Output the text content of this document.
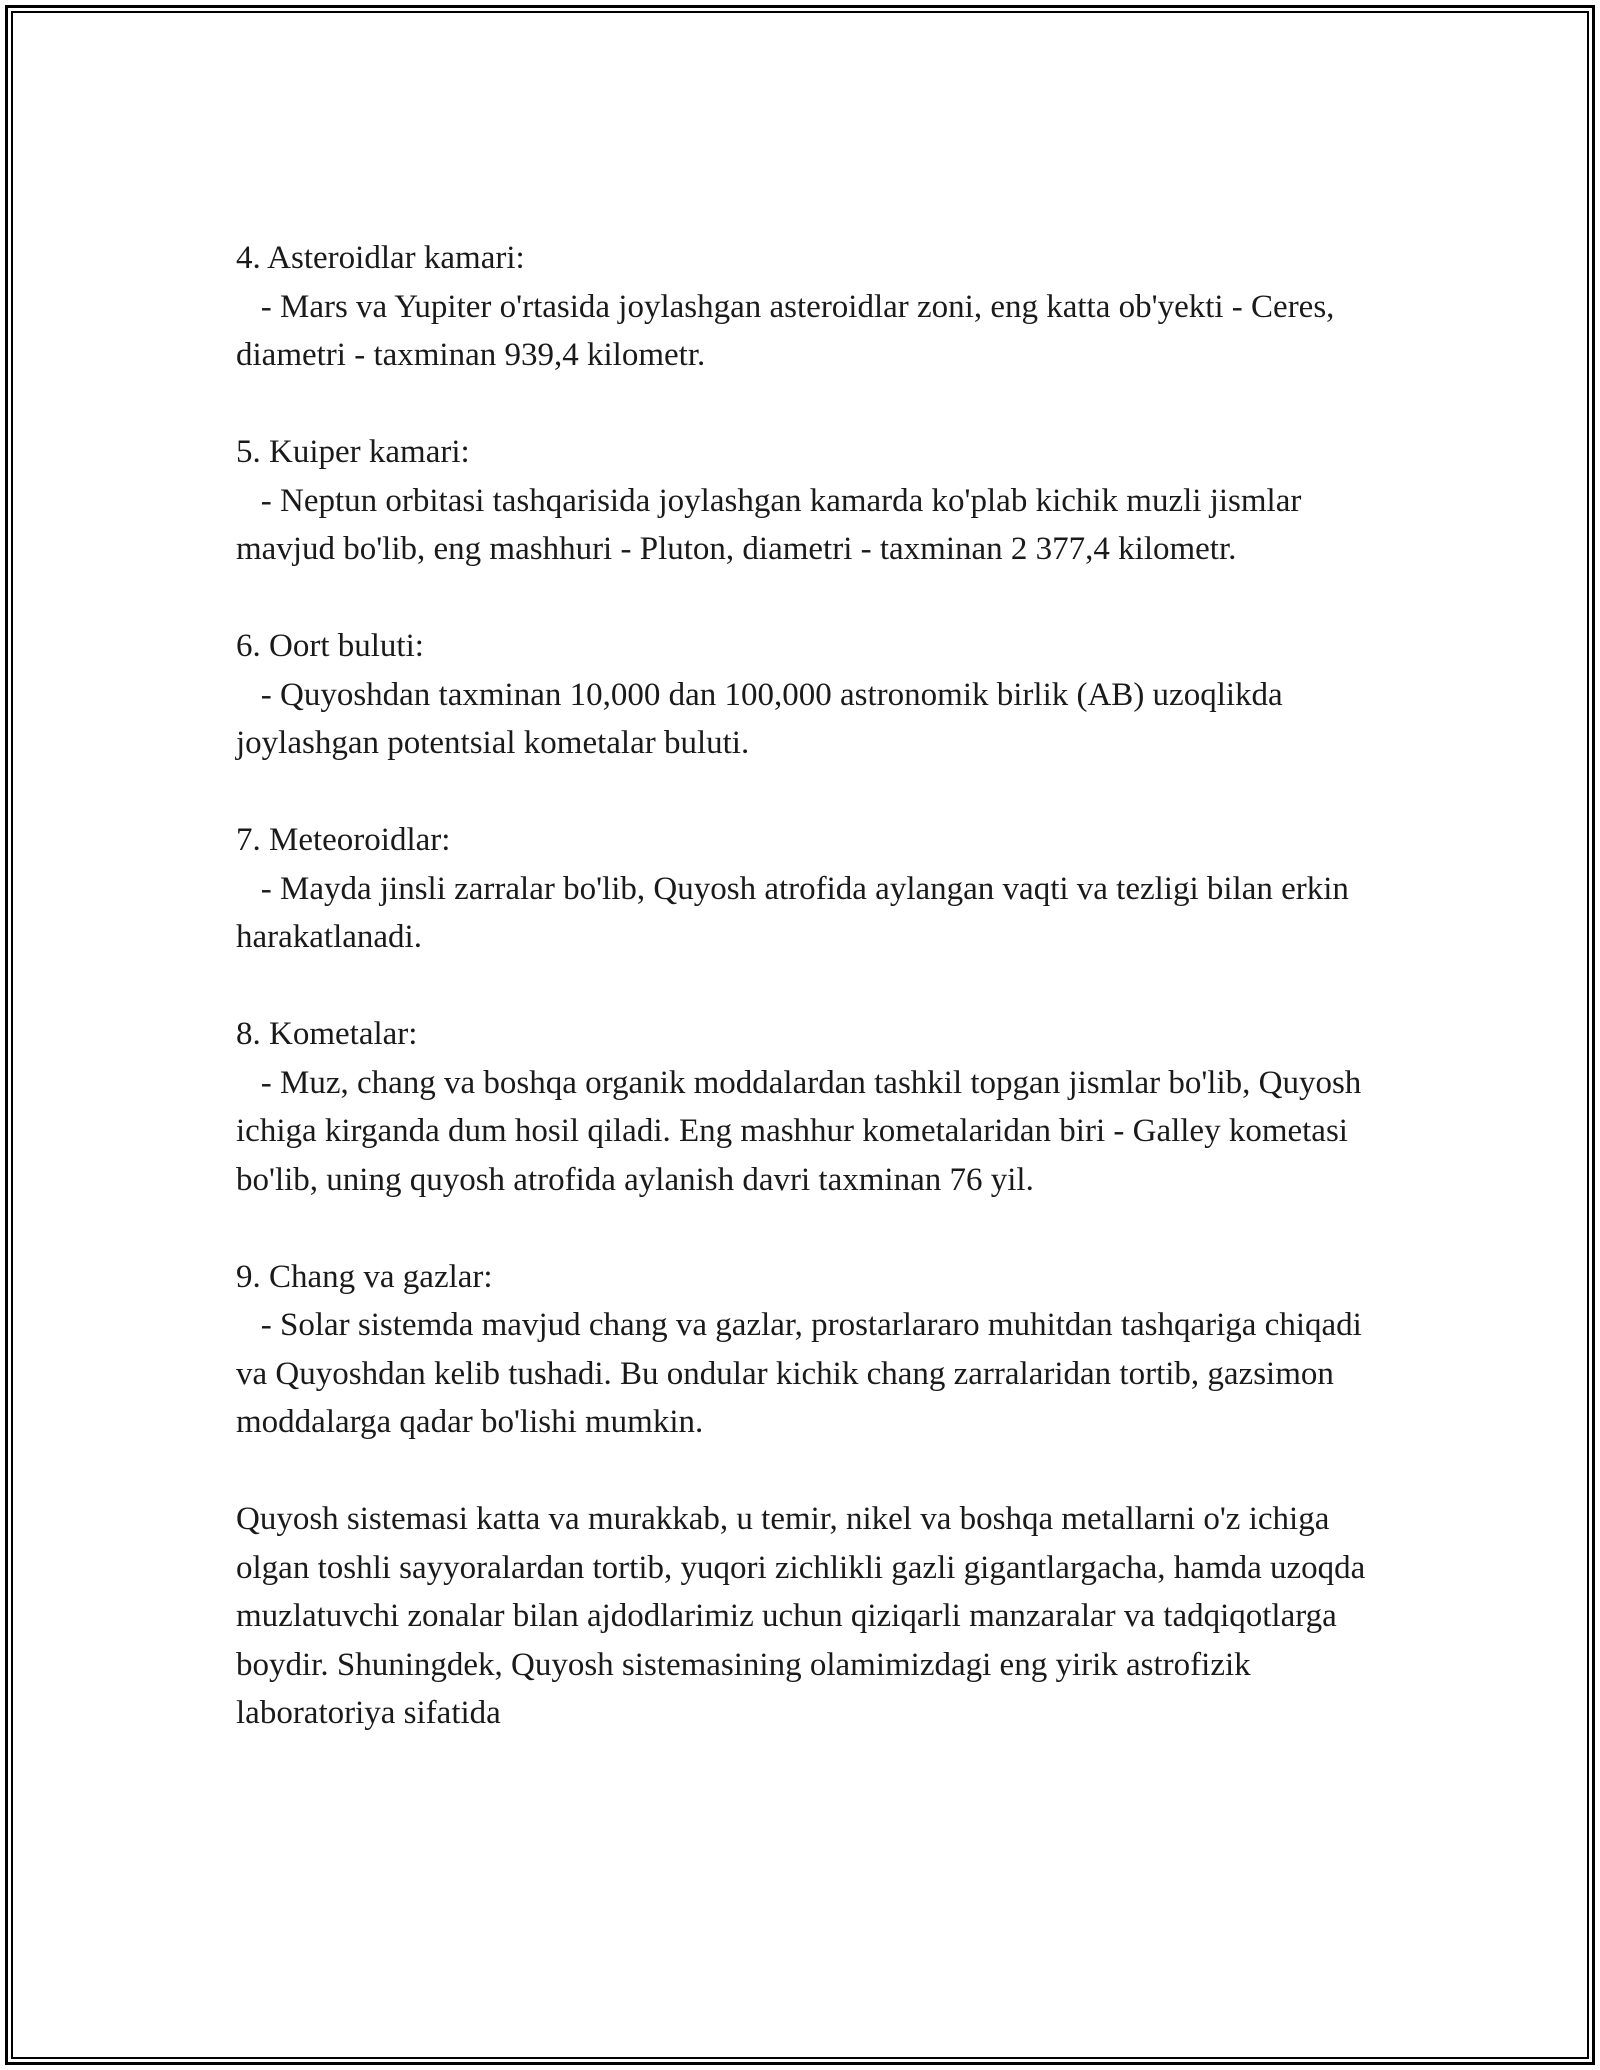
4. Asteroidlar kamari:
- Mars va Yupiter o'rtasida joylashgan asteroidlar zoni, eng katta ob'yekti - Ceres, diametri - taxminan 939,4 kilometr.
5. Kuiper kamari:
- Neptun orbitasi tashqarisida joylashgan kamarda ko'plab kichik muzli jismlar mavjud bo'lib, eng mashhuri - Pluton, diametri - taxminan 2 377,4 kilometr.
6. Oort buluti:
- Quyoshdan taxminan 10,000 dan 100,000 astronomik birlik (AB) uzoqlikda joylashgan potentsial kometalar buluti.
7. Meteoroidlar:
- Mayda jinsli zarralar bo'lib, Quyosh atrofida aylangan vaqti va tezligi bilan erkin harakatlanadi.
8. Kometalar:
- Muz, chang va boshqa organik moddalardan tashkil topgan jismlar bo'lib, Quyosh ichiga kirganda dum hosil qiladi. Eng mashhur kometalaridan biri - Galley kometasi bo'lib, uning quyosh atrofida aylanish davri taxminan 76 yil.
9. Chang va gazlar:
- Solar sistemda mavjud chang va gazlar, prostarlararo muhitdan tashqariga chiqadi va Quyoshdan kelib tushadi. Bu ondular kichik chang zarralaridan tortib, gazsimon moddalarga qadar bo'lishi mumkin.
Quyosh sistemasi katta va murakkab, u temir, nikel va boshqa metallarni o'z ichiga olgan toshli sayyoralardan tortib, yuqori zichlikli gazli gigantlargacha, hamda uzoqda muzlatuvchi zonalar bilan ajdodlarimiz uchun qiziqarli manzaralar va tadqiqotlarga boydir. Shuningdek, Quyosh sistemasining olamimizdagi eng yirik astrofizik laboratoriya sifatida
